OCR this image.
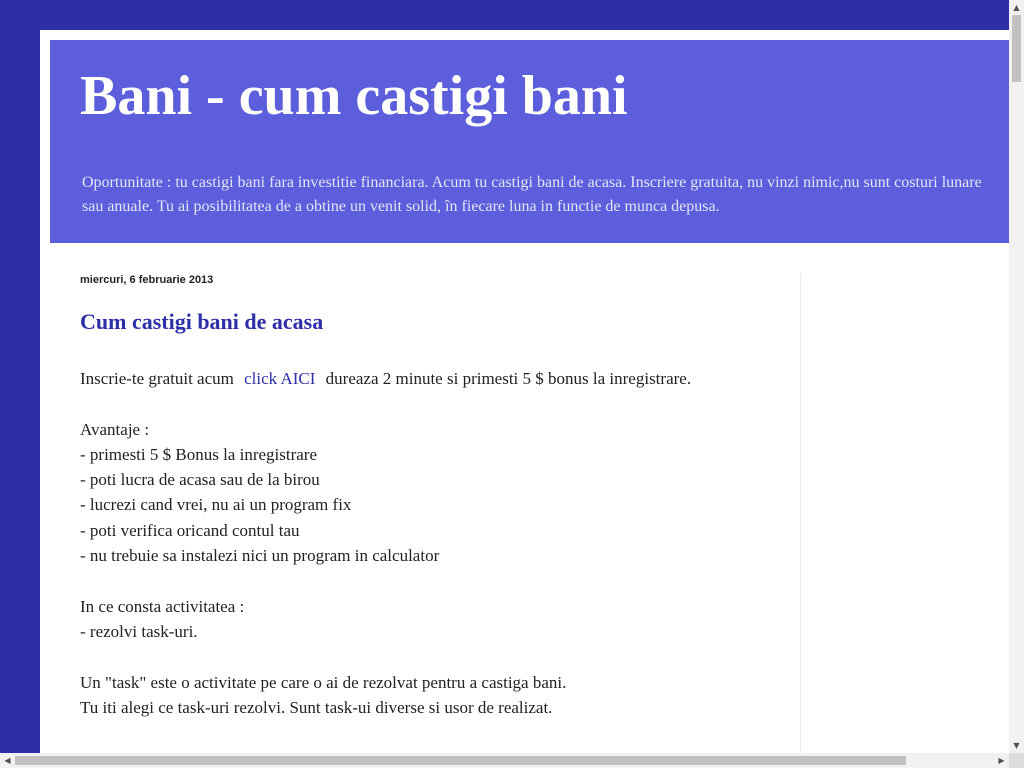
Bani - cum castigi bani

Oportunitate : tu castigi bani fara investitie financiara. Acum tu castigi bani de acasa. Inscriere gratuita, nu vinzi nimic,nu sunt costuri lunare sau anuale. Tu ai posibilitatea de a obtine un venit solid, în fiecare luna in functie de munca depusa.

miercuri, 6 februarie 2013
Cum castigi bani de acasa
Inscrie-te gratuit acum click AICI dureaza 2 minute si primesti 5 $ bonus la inregistrare.
Avantaje :
- primesti 5 $ Bonus la inregistrare
- poti lucra de acasa sau de la birou
- lucrezi cand vrei, nu ai un program fix
- poti verifica oricand contul tau
- nu trebuie sa instalezi nici un program in calculator
In ce consta activitatea :
- rezolvi task-uri.
Un "task" este o activitate pe care o ai de rezolvat pentru a castiga bani.
Tu iti alegi ce task-uri rezolvi. Sunt task-ui diverse si usor de realizat.
▲
▼
◀	▶
